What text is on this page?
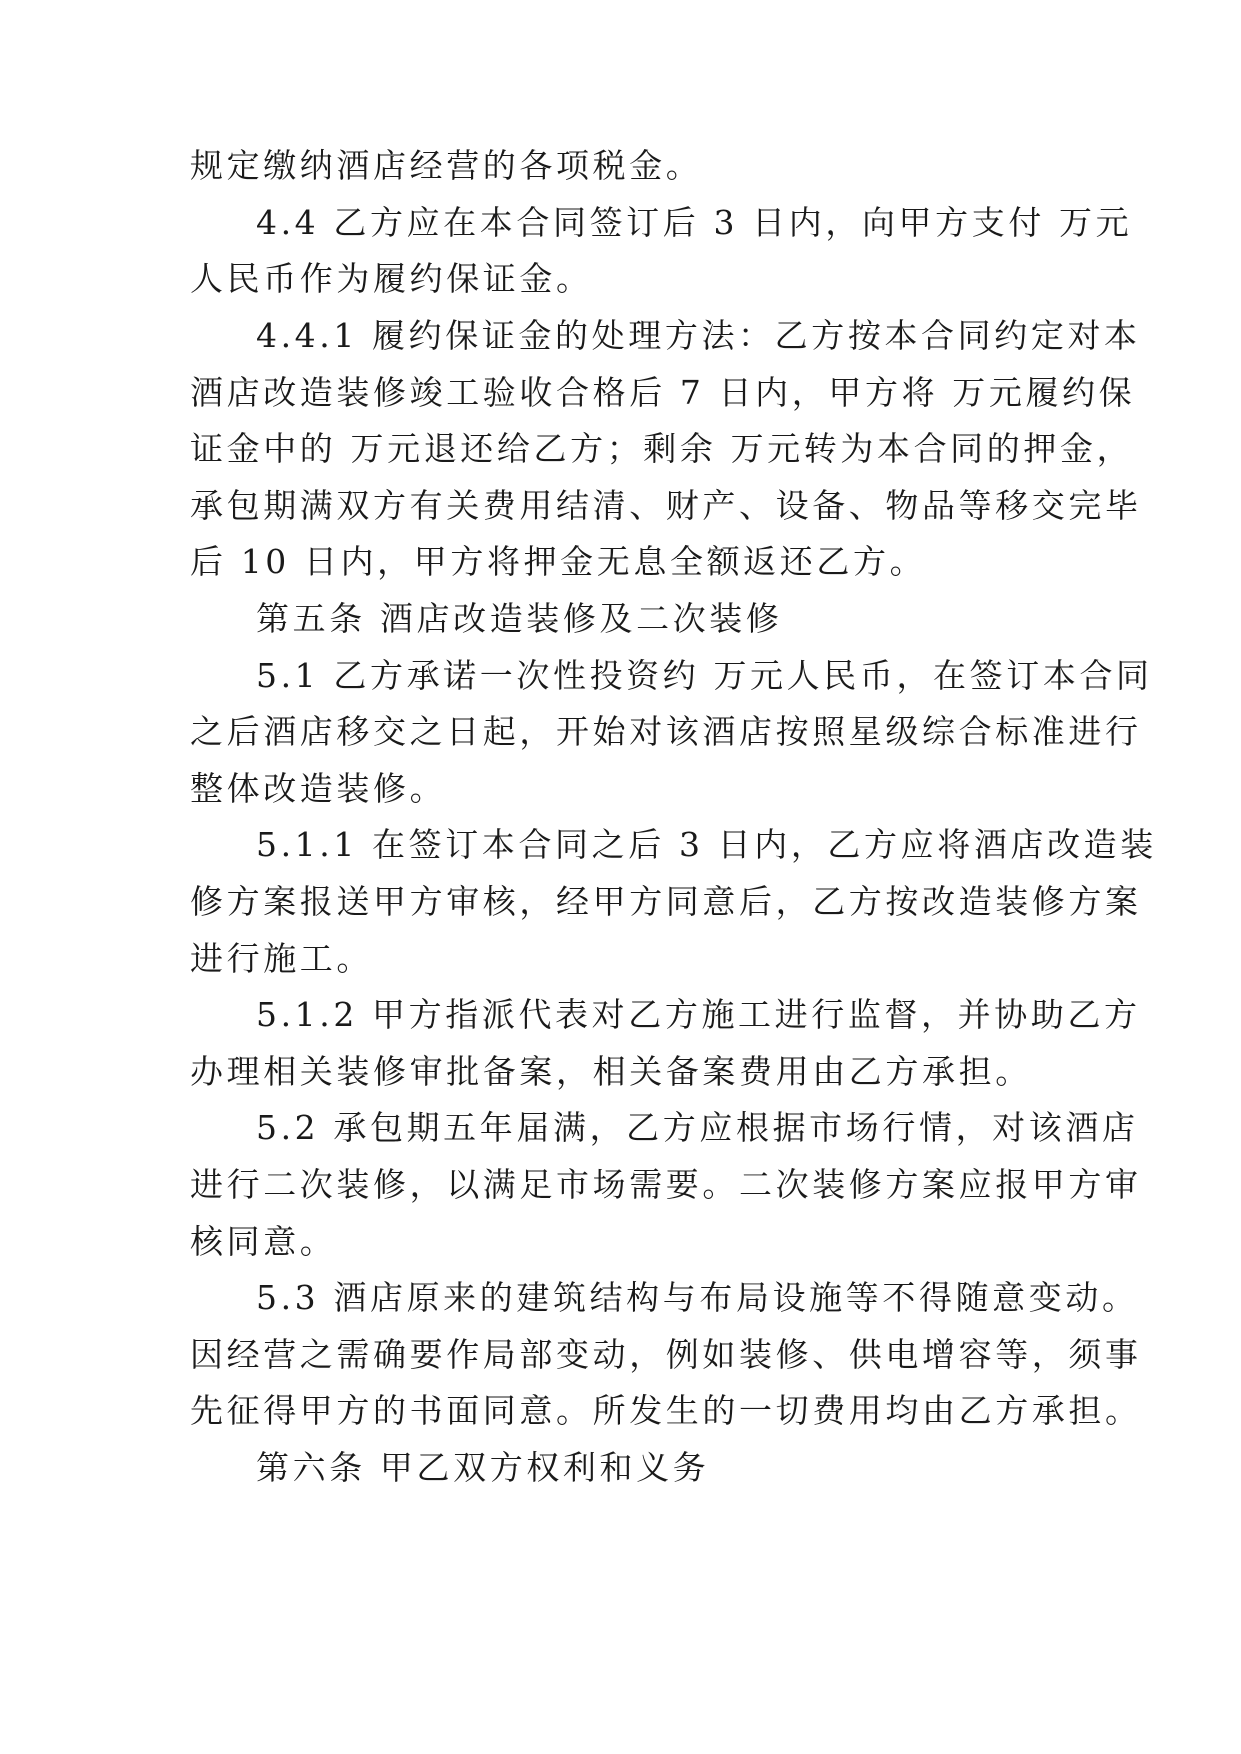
规定缴纳酒店经营的各项税金。

4.4 乙方应在本合同签订后 3 日内，向甲方支付 万元

人民币作为履约保证金。

4.4.1 履约保证金的处理方法：乙方按本合同约定对本

酒店改造装修竣工验收合格后 7 日内，甲方将 万元履约保

证金中的 万元退还给乙方；剩余 万元转为本合同的押金，

承包期满双方有关费用结清、财产、设备、物品等移交完毕

后 10 日内，甲方将押金无息全额返还乙方。

第五条 酒店改造装修及二次装修

5.1 乙方承诺一次性投资约 万元人民币，在签订本合同

之后酒店移交之日起，开始对该酒店按照星级综合标准进行

整体改造装修。

5.1.1 在签订本合同之后 3 日内，乙方应将酒店改造装

修方案报送甲方审核，经甲方同意后，乙方按改造装修方案

进行施工。

5.1.2 甲方指派代表对乙方施工进行监督，并协助乙方

办理相关装修审批备案，相关备案费用由乙方承担。

5.2 承包期五年届满，乙方应根据市场行情，对该酒店

进行二次装修，以满足市场需要。二次装修方案应报甲方审

核同意。

5.3 酒店原来的建筑结构与布局设施等不得随意变动。

因经营之需确要作局部变动，例如装修、供电增容等，须事

先征得甲方的书面同意。所发生的一切费用均由乙方承担。

第六条 甲乙双方权利和义务
